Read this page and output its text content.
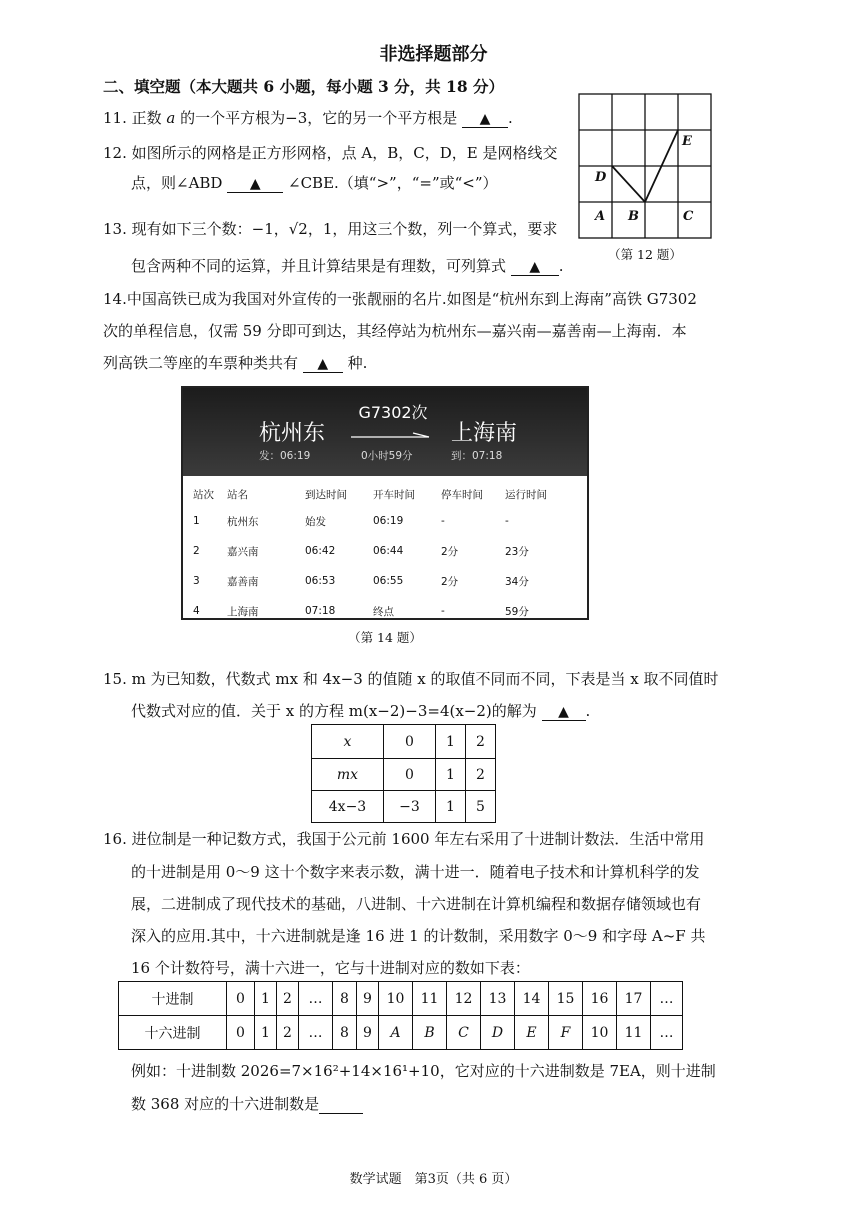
非选择题部分
二、填空题（本大题共 6 小题，每小题 3 分，共 18 分）
11. 正数 a 的一个平方根为−3，它的另一个平方根是 ▲ .
12. 如图所示的网格是正方形网格，点 A，B，C，D，E 是网格线交
点，则∠ABD ▲ ∠CBE.（填“>”，“=”或“<”）
E
D
A B	C
（第 12 题）
13. 现有如下三个数：−1，√2，1，用这三个数，列一个算式，要求
包含两种不同的运算，并且计算结果是有理数，可列算式 ▲ .
14.中国高铁已成为我国对外宣传的一张靓丽的名片.如图是“杭州东到上海南”高铁 G7302
次的单程信息，仅需 59 分即可到达，其经停站为杭州东—嘉兴南—嘉善南—上海南．本
列高铁二等座的车票种类共有 ▲ 种.
杭州东
G7302次
上海南
发：06:19	0小时59分	到：07:18
站次	站名	到达时间	开车时间	停车时间	运行时间
1	杭州东	始发	06:19	-	-
2	嘉兴南	06:42	06:44	2分	23分
3	嘉善南	06:53	06:55	2分	34分
4	上海南	07:18	终点	-	59分
（第 14 题）
15. m 为已知数，代数式 mx 和 4x−3 的值随 x 的取值不同而不同，下表是当 x 取不同值时
代数式对应的值．关于 x 的方程 m(x−2)−3=4(x−2)的解为 ▲ .
x	0	1	2
mx	0	1	2
4x−3	−3	1	5
16. 进位制是一种记数方式，我国于公元前 1600 年左右采用了十进制计数法．生活中常用
的十进制是用 0～9 这十个数字来表示数，满十进一．随着电子技术和计算机科学的发
展，二进制成了现代技术的基础，八进制、十六进制在计算机编程和数据存储领域也有
深入的应用.其中，十六进制就是逢 16 进 1 的计数制，采用数字 0～9 和字母 A~F 共
16 个计数符号，满十六进一，它与十进制对应的数如下表：
十进制	0	1	2	…	8	9	10	11	12	13	14	15	16	17	…
十六进制	0	1	2	…	8	9	A	B	C	D	E	F	10	11	…
例如：十进制数 2026=7×16²+14×16¹+10，它对应的十六进制数是 7EA，则十进制
数 368 对应的十六进制数是
数学试题　第3页（共 6 页）
